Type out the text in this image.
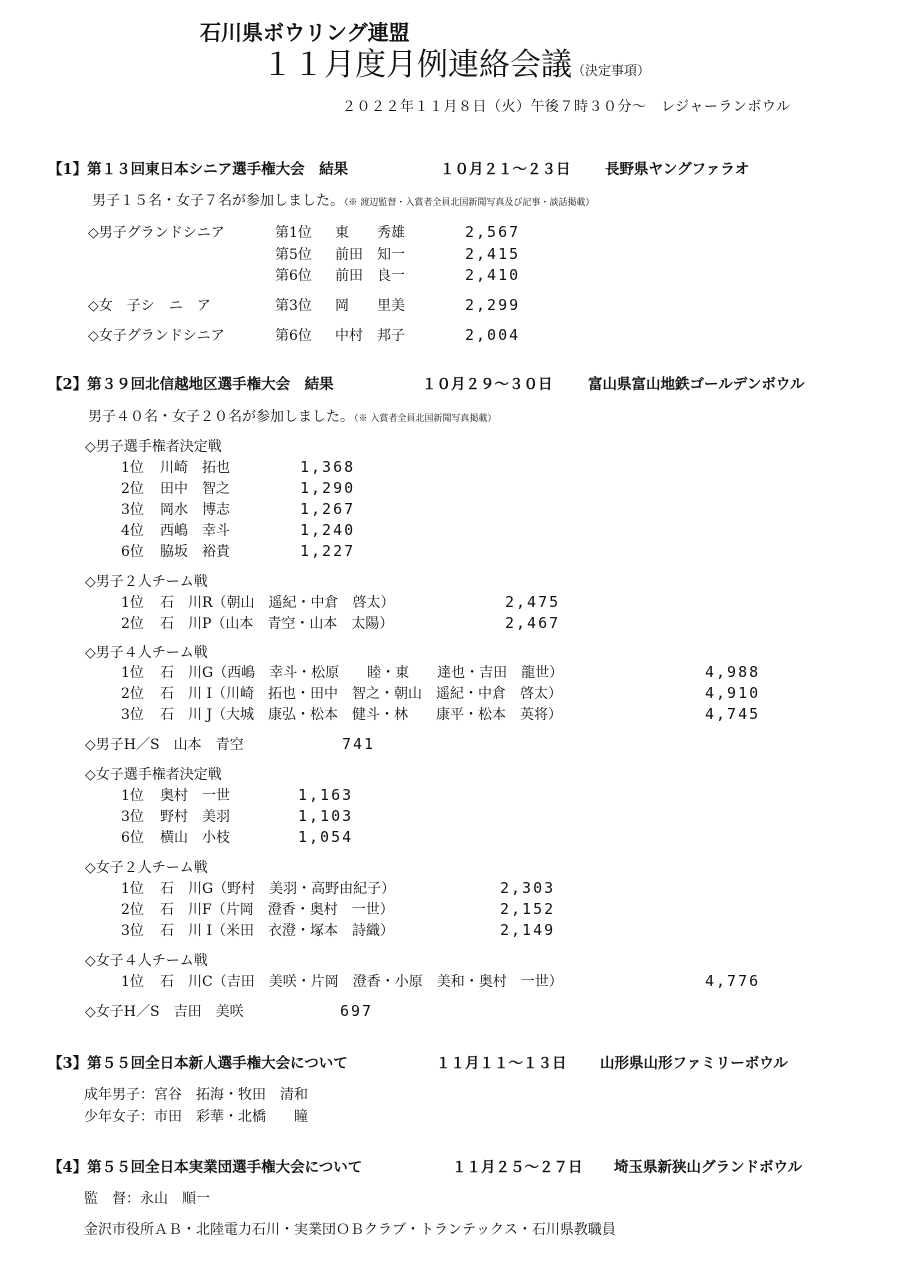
石川県ボウリング連盟
１１月度月例連絡会議（決定事項）
２０２２年１１月８日（火）午後７時３０分～　レジャーランボウル
【1】第１３回東日本シニア選手権大会　結果	１０月２１～２３日 長野県ヤングファラオ
男子１５名・女子７名が参加しました。（※ 渡辺監督・入賞者全員北国新聞写真及び記事・談話掲載）
◇男子グランドシニア	第1位 東　　秀雄	2,567
第5位 前田　知一	2,415
第6位 前田　良一	2,410
◇女　子シ　ニ　ア	第3位 岡　　里美	2,299
◇女子グランドシニア	第6位 中村　邦子	2,004
【2】第３９回北信越地区選手権大会　結果	１０月２９～３０日 富山県富山地鉄ゴールデンボウル
男子４０名・女子２０名が参加しました。（※ 入賞者全員北国新聞写真掲載）
◇男子選手権者決定戦
1位 川崎　拓也	1,368
2位 田中　智之	1,290
3位 岡水　博志	1,267
4位 西嶋　幸斗	1,240
6位 脇坂　裕貴	1,227
◇男子２人チーム戦
1位 石　川R（朝山　遥紀・中倉　啓太）	2,475
2位 石　川P（山本　青空・山本　太陽）	2,467
◇男子４人チーム戦
1位 石　川G（西嶋　幸斗・松原　　睦・東　　達也・吉田　龍世）	4,988
2位 石　川 I（川崎　拓也・田中　智之・朝山　遥紀・中倉　啓太）	4,910
3位 石　川 J（大城　康弘・松本　健斗・林　　康平・松本　英将）	4,745
◇男子H／S　山本　青空	741
◇女子選手権者決定戦
1位 奥村　一世	1,163
3位 野村　美羽	1,103
6位 横山　小枝	1,054
◇女子２人チーム戦
1位 石　川G（野村　美羽・高野由紀子）	2,303
2位 石　川F（片岡　澄香・奥村　一世）	2,152
3位 石　川 I（米田　衣澄・塚本　詩織）	2,149
◇女子４人チーム戦
1位 石　川C（吉田　美咲・片岡　澄香・小原　美和・奥村　一世）	4,776
◇女子H／S　吉田　美咲	697
【3】第５５回全日本新人選手権大会について	１１月１１～１３日 山形県山形ファミリーボウル
成年男子：宮谷　拓海・牧田　清和
少年女子：市田　彩華・北橋　　瞳
【4】第５５回全日本実業団選手権大会について	１１月２５～２７日 埼玉県新狭山グランドボウル
監　督：永山　順一
金沢市役所ＡＢ・北陸電力石川・実業団ＯＢクラブ・トランテックス・石川県教職員
